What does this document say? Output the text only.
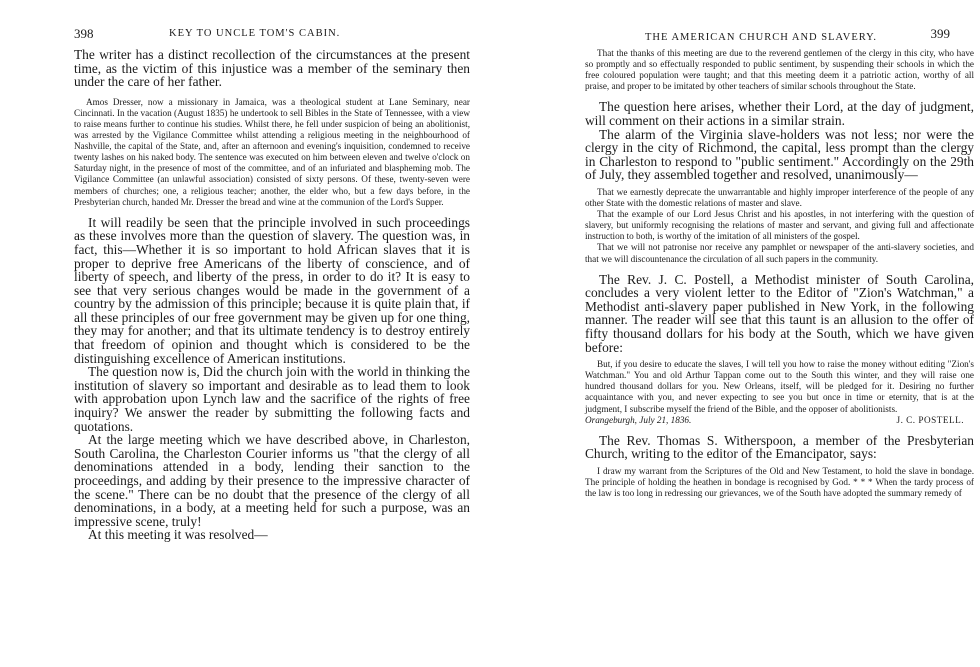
398	KEY TO UNCLE TOM'S CABIN.

The writer has a distinct recollection of the circumstances at the present time, as the victim of this injustice was a member of the seminary then under the care of her father.

Amos Dresser, now a missionary in Jamaica, was a theological student at Lane Seminary, near Cincinnati. In the vacation (August 1835) he undertook to sell Bibles in the State of Tennessee, with a view to raise means further to continue his studies. Whilst there, he fell under suspicion of being an abolitionist, was arrested by the Vigilance Committee whilst attending a religious meeting in the neighbourhood of Nashville, the capital of the State, and, after an afternoon and evening's inquisition, condemned to receive twenty lashes on his naked body. The sentence was executed on him between eleven and twelve o'clock on Saturday night, in the presence of most of the committee, and of an infuriated and blaspheming mob. The Vigilance Committee (an unlawful association) consisted of sixty persons. Of these, twenty-seven were members of churches; one, a religious teacher; another, the elder who, but a few days before, in the Presbyterian church, handed Mr. Dresser the bread and wine at the communion of the Lord's Supper.

It will readily be seen that the principle involved in such proceedings as these involves more than the question of slavery. The question was, in fact, this—Whether it is so important to hold African slaves that it is proper to deprive free Americans of the liberty of conscience, and of liberty of speech, and liberty of the press, in order to do it? It is easy to see that very serious changes would be made in the government of a country by the admission of this principle; because it is quite plain that, if all these principles of our free government may be given up for one thing, they may for another; and that its ultimate tendency is to destroy entirely that freedom of opinion and thought which is considered to be the distinguishing excellence of American institutions.

The question now is, Did the church join with the world in thinking the institution of slavery so important and desirable as to lead them to look with approbation upon Lynch law and the sacrifice of the rights of free inquiry? We answer the reader by submitting the following facts and quotations.

At the large meeting which we have described above, in Charleston, South Carolina, the Charleston Courier informs us "that the clergy of all denominations attended in a body, lending their sanction to the proceedings, and adding by their presence to the impressive character of the scene." There can be no doubt that the presence of the clergy of all denominations, in a body, at a meeting held for such a purpose, was an impressive scene, truly!

At this meeting it was resolved—

THE AMERICAN CHURCH AND SLAVERY.	399

That the thanks of this meeting are due to the reverend gentlemen of the clergy in this city, who have so promptly and so effectually responded to public sentiment, by suspending their schools in which the free coloured population were taught; and that this meeting deem it a patriotic action, worthy of all praise, and proper to be imitated by other teachers of similar schools throughout the State.

The question here arises, whether their Lord, at the day of judgment, will comment on their actions in a similar strain.

The alarm of the Virginia slave-holders was not less; nor were the clergy in the city of Richmond, the capital, less prompt than the clergy in Charleston to respond to "public sentiment." Accordingly on the 29th of July, they assembled together and resolved, unanimously—

That we earnestly deprecate the unwarrantable and highly improper interference of the people of any other State with the domestic relations of master and slave.

That the example of our Lord Jesus Christ and his apostles, in not interfering with the question of slavery, but uniformly recognising the relations of master and servant, and giving full and affectionate instruction to both, is worthy of the imitation of all ministers of the gospel.

That we will not patronise nor receive any pamphlet or newspaper of the anti-slavery societies, and that we will discountenance the circulation of all such papers in the community.

The Rev. J. C. Postell, a Methodist minister of South Carolina, concludes a very violent letter to the Editor of "Zion's Watchman," a Methodist anti-slavery paper published in New York, in the following manner. The reader will see that this taunt is an allusion to the offer of fifty thousand dollars for his body at the South, which we have given before:

But, if you desire to educate the slaves, I will tell you how to raise the money without editing "Zion's Watchman." You and old Arthur Tappan come out to the South this winter, and they will raise one hundred thousand dollars for you. New Orleans, itself, will be pledged for it. Desiring no further acquaintance with you, and never expecting to see you but once in time or eternity, that is at the judgment, I subscribe myself the friend of the Bible, and the opposer of abolitionists.

Orangeburgh, July 21, 1836.	J. C. POSTELL.

The Rev. Thomas S. Witherspoon, a member of the Presbyterian Church, writing to the editor of the Emancipator, says:

I draw my warrant from the Scriptures of the Old and New Testament, to hold the slave in bondage. The principle of holding the heathen in bondage is recognised by God. * * * When the tardy process of the law is too long in redressing our grievances, we of the South have adopted the summary remedy of
